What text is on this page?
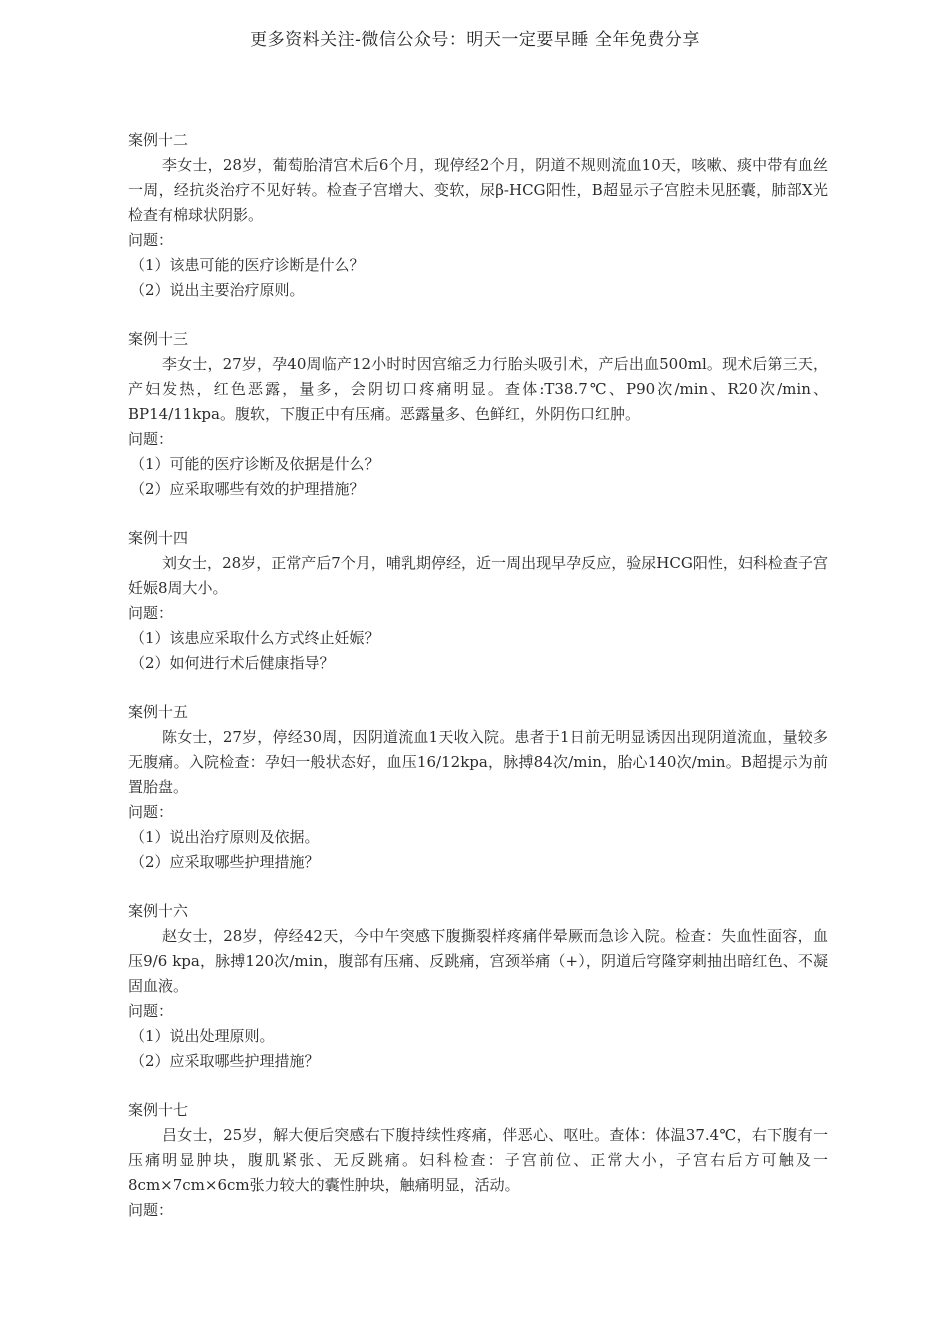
更多资料关注-微信公众号：明天一定要早睡 全年免费分享
案例十二

李女士，28岁，葡萄胎清宫术后6个月，现停经2个月，阴道不规则流血10天，咳嗽、痰中带有血丝一周，经抗炎治疗不见好转。检查子宫增大、变软，尿β-HCG阳性，B超显示子宫腔未见胚囊，肺部X光检查有棉球状阴影。

问题：
（1）该患可能的医疗诊断是什么？
（2）说出主要治疗原则。
案例十三

李女士，27岁，孕40周临产12小时时因宫缩乏力行胎头吸引术，产后出血500ml。现术后第三天，产妇发热，红色恶露，量多，会阴切口疼痛明显。查体:T38.7℃、P90次/min、R20次/min、BP14/11kpa。腹软，下腹正中有压痛。恶露量多、色鲜红，外阴伤口红肿。

问题：
（1）可能的医疗诊断及依据是什么？
（2）应采取哪些有效的护理措施？
案例十四

刘女士，28岁，正常产后7个月，哺乳期停经，近一周出现早孕反应，验尿HCG阳性，妇科检查子宫妊娠8周大小。

问题：
（1）该患应采取什么方式终止妊娠？
（2）如何进行术后健康指导？
案例十五

陈女士，27岁，停经30周，因阴道流血1天收入院。患者于1日前无明显诱因出现阴道流血，量较多无腹痛。入院检查：孕妇一般状态好，血压16/12kpa，脉搏84次/min，胎心140次/min。B超提示为前置胎盘。

问题：
（1）说出治疗原则及依据。
（2）应采取哪些护理措施？
案例十六

赵女士，28岁，停经42天，今中午突感下腹撕裂样疼痛伴晕厥而急诊入院。检查：失血性面容，血压9/6 kpa，脉搏120次/min，腹部有压痛、反跳痛，宫颈举痛（+），阴道后穹隆穿刺抽出暗红色、不凝固血液。

问题：
（1）说出处理原则。
（2）应采取哪些护理措施？
案例十七

吕女士，25岁，解大便后突感右下腹持续性疼痛，伴恶心、呕吐。查体：体温37.4℃，右下腹有一压痛明显肿块，腹肌紧张、无反跳痛。妇科检查：子宫前位、正常大小，子宫右后方可触及一8cm×7cm×6cm张力较大的囊性肿块，触痛明显，活动。

问题：
